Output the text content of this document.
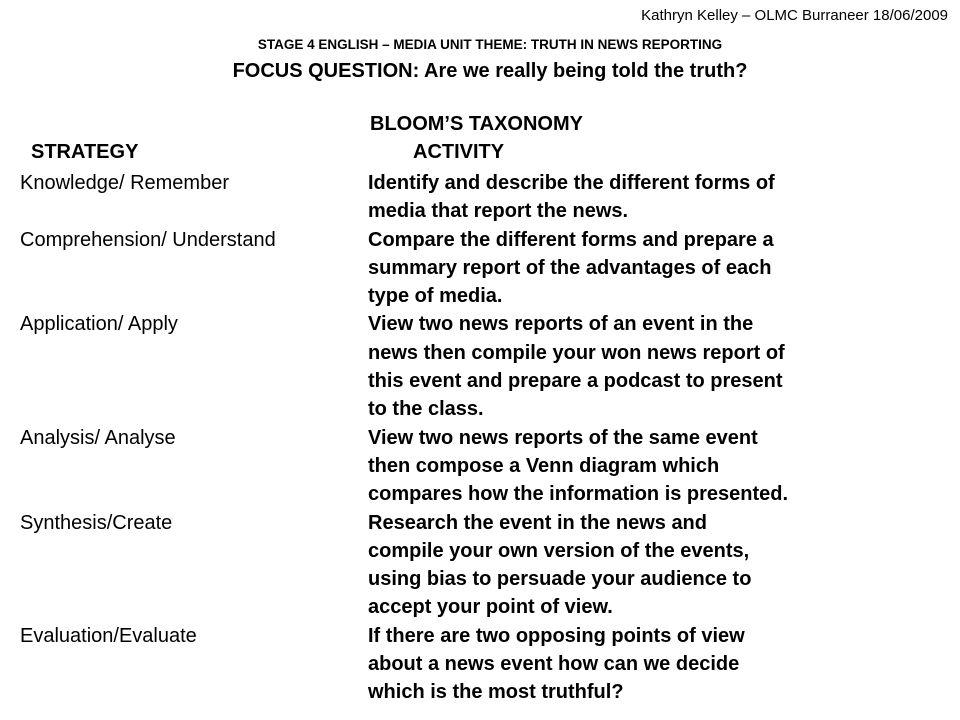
Kathryn Kelley – OLMC Burraneer 18/06/2009
STAGE 4 ENGLISH – MEDIA UNIT THEME: TRUTH IN NEWS REPORTING
FOCUS QUESTION: Are we really being told the truth?
BLOOM’S TAXONOMY
STRATEGY	ACTIVITY
Knowledge/ Remember	Identify and describe the different forms of
media that report the news.
Comprehension/ Understand	Compare the different forms and prepare a
summary report of the advantages of each
type of media.
Application/ Apply	View two news reports of an event in the
news then compile your won news report of
this event and prepare a podcast to present
to the class.
Analysis/ Analyse	View two news reports of the same event
then compose a Venn diagram which
compares how the information is presented.
Synthesis/Create	Research the event in the news and
compile your own version of the events,
using bias to persuade your audience to
accept your point of view.
Evaluation/Evaluate	If there are two opposing points of view
about a news event how can we decide
which is the most truthful?
